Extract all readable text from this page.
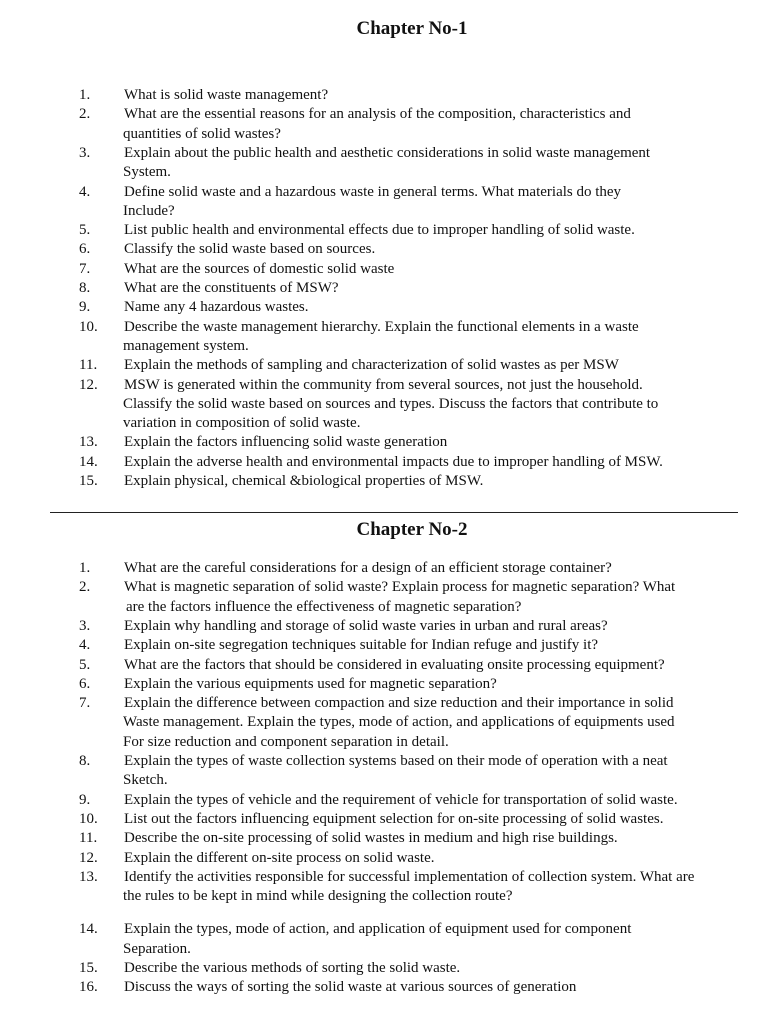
Chapter No-1
1. What is solid waste management?
2. What are the essential reasons for an analysis of the composition, characteristics and
quantities of solid wastes?
3. Explain about the public health and aesthetic considerations in solid waste management
System.
4. Define solid waste and a hazardous waste in general terms. What materials do they
Include?
5. List public health and environmental effects due to improper handling of solid waste.
6. Classify the solid waste based on sources.
7. What are the sources of domestic solid waste
8. What are the constituents of MSW?
9. Name any 4 hazardous wastes.
10. Describe the waste management hierarchy. Explain the functional elements in a waste
management system.
11. Explain the methods of sampling and characterization of solid wastes as per MSW
12. MSW is generated within the community from several sources, not just the household.
Classify the solid waste based on sources and types. Discuss the factors that contribute to
variation in composition of solid waste.
13. Explain the factors influencing solid waste generation
14. Explain the adverse health and environmental impacts due to improper handling of MSW.
15. Explain physical, chemical &biological properties of MSW.
Chapter No-2
1. What are the careful considerations for a design of an efficient storage container?
2. What is magnetic separation of solid waste? Explain process for magnetic separation? What
are the factors influence the effectiveness of magnetic separation?
3. Explain why handling and storage of solid waste varies in urban and rural areas?
4. Explain on-site segregation techniques suitable for Indian refuge and justify it?
5. What are the factors that should be considered in evaluating onsite processing equipment?
6. Explain the various equipments used for magnetic separation?
7. Explain the difference between compaction and size reduction and their importance in solid
Waste management. Explain the types, mode of action, and applications of equipments used
For size reduction and component separation in detail.
8. Explain the types of waste collection systems based on their mode of operation with a neat
Sketch.
9. Explain the types of vehicle and the requirement of vehicle for transportation of solid waste.
10. List out the factors influencing equipment selection for on-site processing of solid wastes.
11. Describe the on-site processing of solid wastes in medium and high rise buildings.
12. Explain the different on-site process on solid waste.
13. Identify the activities responsible for successful implementation of collection system. What are
the rules to be kept in mind while designing the collection route?
14. Explain the types, mode of action, and application of equipment used for component
Separation.
15. Describe the various methods of sorting the solid waste.
16. Discuss the ways of sorting the solid waste at various sources of generation
